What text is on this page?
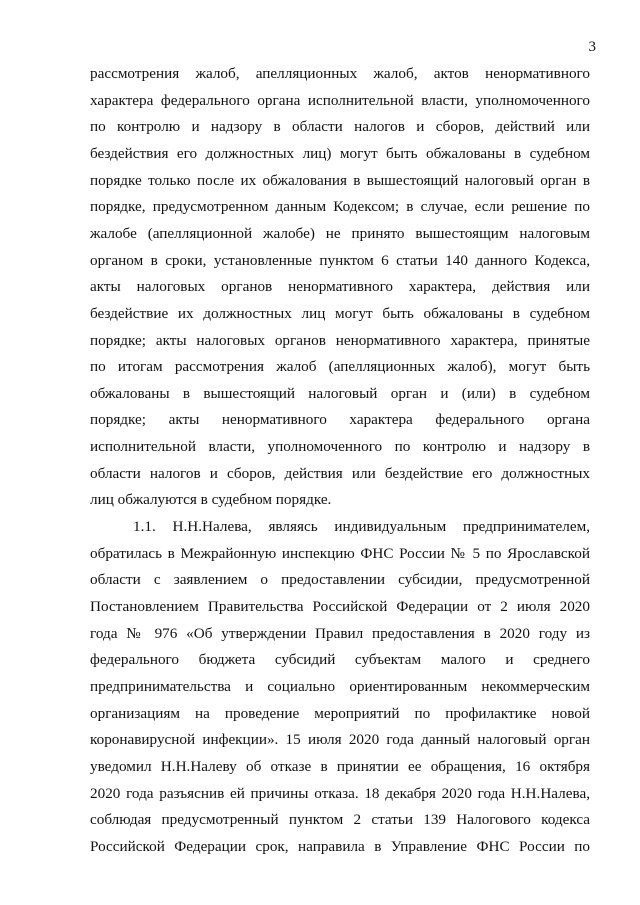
3
рассмотрения жалоб, апелляционных жалоб, актов ненормативного
характера федерального органа исполнительной власти, уполномоченного
по контролю и надзору в области налогов и сборов, действий или
бездействия его должностных лиц) могут быть обжалованы в судебном
порядке только после их обжалования в вышестоящий налоговый орган в
порядке, предусмотренном данным Кодексом; в случае, если решение по
жалобе (апелляционной жалобе) не принято вышестоящим налоговым
органом в сроки, установленные пунктом 6 статьи 140 данного Кодекса,
акты налоговых органов ненормативного характера, действия или
бездействие их должностных лиц могут быть обжалованы в судебном
порядке; акты налоговых органов ненормативного характера, принятые
по итогам рассмотрения жалоб (апелляционных жалоб), могут быть
обжалованы в вышестоящий налоговый орган и (или) в судебном
порядке; акты ненормативного характера федерального органа
исполнительной власти, уполномоченного по контролю и надзору в
области налогов и сборов, действия или бездействие его должностных
лиц обжалуются в судебном порядке.
1.1. Н.Н.Налева, являясь индивидуальным предпринимателем,
обратилась в Межрайонную инспекцию ФНС России № 5 по Ярославской
области с заявлением о предоставлении субсидии, предусмотренной
Постановлением Правительства Российской Федерации от 2 июля 2020
года № 976 «Об утверждении Правил предоставления в 2020 году из
федерального бюджета субсидий субъектам малого и среднего
предпринимательства и социально ориентированным некоммерческим
организациям на проведение мероприятий по профилактике новой
коронавирусной инфекции». 15 июля 2020 года данный налоговый орган
уведомил Н.Н.Налеву об отказе в принятии ее обращения, 16 октября
2020 года разъяснив ей причины отказа. 18 декабря 2020 года Н.Н.Налева,
соблюдая предусмотренный пунктом 2 статьи 139 Налогового кодекса
Российской Федерации срок, направила в Управление ФНС России по
